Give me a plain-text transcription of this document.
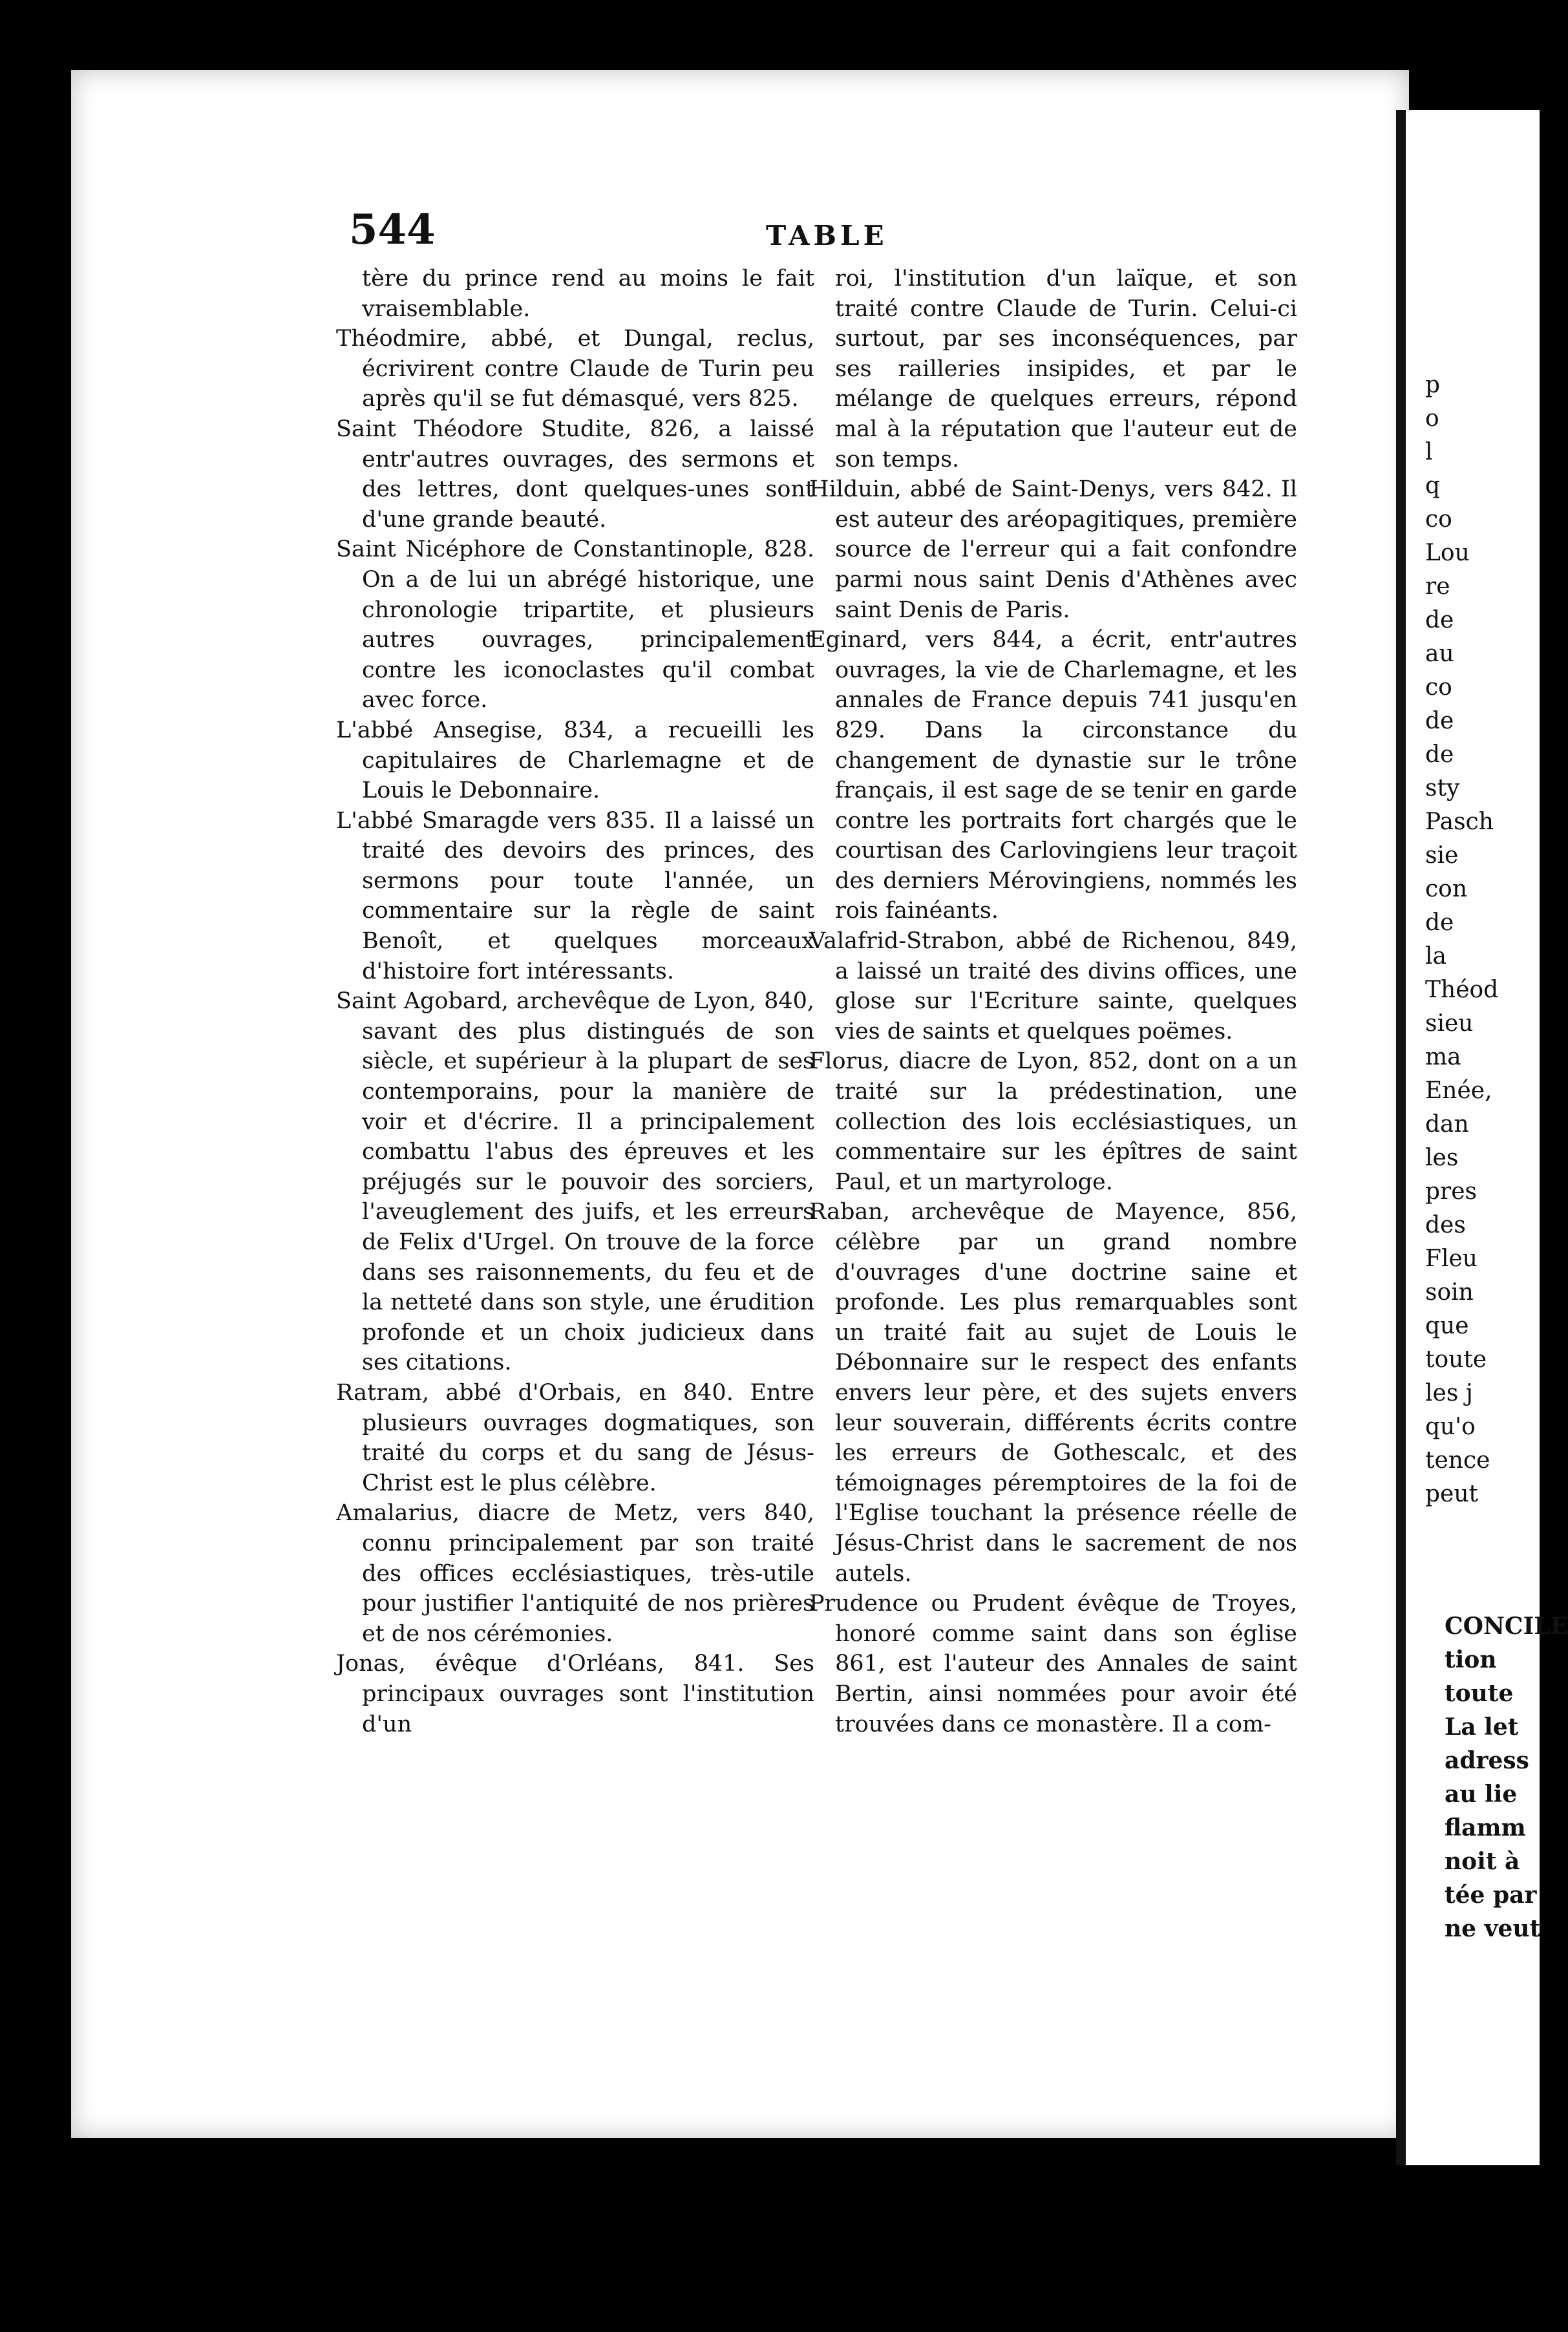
544	TABLE

tère du prince rend au moins le fait vraisemblable.

Théodmire, abbé, et Dungal, reclus, écrivirent contre Claude de Turin peu après qu'il se fut démasqué, vers 825.

Saint Théodore Studite, 826, a laissé entr'autres ouvrages, des sermons et des lettres, dont quelques-unes sont d'une grande beauté.

Saint Nicéphore de Constantinople, 828. On a de lui un abrégé historique, une chronologie tripartite, et plusieurs autres ouvrages, principalement contre les iconoclastes qu'il combat avec force.

L'abbé Ansegise, 834, a recueilli les capitulaires de Charlemagne et de Louis le Debonnaire.

L'abbé Smaragde vers 835. Il a laissé un traité des devoirs des princes, des sermons pour toute l'année, un commentaire sur la règle de saint Benoît, et quelques morceaux d'histoire fort intéressants.

Saint Agobard, archevêque de Lyon, 840, savant des plus distingués de son siècle, et supérieur à la plupart de ses contemporains, pour la manière de voir et d'écrire. Il a principalement combattu l'abus des épreuves et les préjugés sur le pouvoir des sorciers, l'aveuglement des juifs, et les erreurs de Felix d'Urgel. On trouve de la force dans ses raisonnements, du feu et de la netteté dans son style, une érudition profonde et un choix judicieux dans ses citations.

Ratram, abbé d'Orbais, en 840. Entre plusieurs ouvrages dogmatiques, son traité du corps et du sang de Jésus-Christ est le plus célèbre.

Amalarius, diacre de Metz, vers 840, connu principalement par son traité des offices ecclésiastiques, très-utile pour justifier l'antiquité de nos prières et de nos cérémonies.

Jonas, évêque d'Orléans, 841. Ses principaux ouvrages sont l'institution d'un

roi, l'institution d'un laïque, et son traité contre Claude de Turin. Celui-ci surtout, par ses inconséquences, par ses railleries insipides, et par le mélange de quelques erreurs, répond mal à la réputation que l'auteur eut de son temps.

Hilduin, abbé de Saint-Denys, vers 842. Il est auteur des aréopagitiques, première source de l'erreur qui a fait confondre parmi nous saint Denis d'Athènes avec saint Denis de Paris.

Eginard, vers 844, a écrit, entr'autres ouvrages, la vie de Charlemagne, et les annales de France depuis 741 jusqu'en 829. Dans la circonstance du changement de dynastie sur le trône français, il est sage de se tenir en garde contre les portraits fort chargés que le courtisan des Carlovingiens leur traçoit des derniers Mérovingiens, nommés les rois fainéants.

Valafrid-Strabon, abbé de Richenou, 849, a laissé un traité des divins offices, une glose sur l'Ecriture sainte, quelques vies de saints et quelques poëmes.

Florus, diacre de Lyon, 852, dont on a un traité sur la prédestination, une collection des lois ecclésiastiques, un commentaire sur les épîtres de saint Paul, et un martyrologe.

Raban, archevêque de Mayence, 856, célèbre par un grand nombre d'ouvrages d'une doctrine saine et profonde. Les plus remarquables sont un traité fait au sujet de Louis le Débonnaire sur le respect des enfants envers leur père, et des sujets envers leur souverain, différents écrits contre les erreurs de Gothescalc, et des témoignages péremptoires de la foi de l'Eglise touchant la présence réelle de Jésus-Christ dans le sacrement de nos autels.

Prudence ou Prudent évêque de Troyes, honoré comme saint dans son église 861, est l'auteur des Annales de saint Bertin, ainsi nommées pour avoir été trouvées dans ce monastère. Il a com-

p
o
l
q
co
Lou
re
de
au
co
de
de
sty
Pasch
sie
con
de
la
Théod
sieu
ma
Enée,
dan
les
pres
des
Fleu
soin
que
toute
les j
qu'o
tence
peut
CONCILE
tion
toute
La let
adress
au lie
flamm
noit à
tée par
ne veut
